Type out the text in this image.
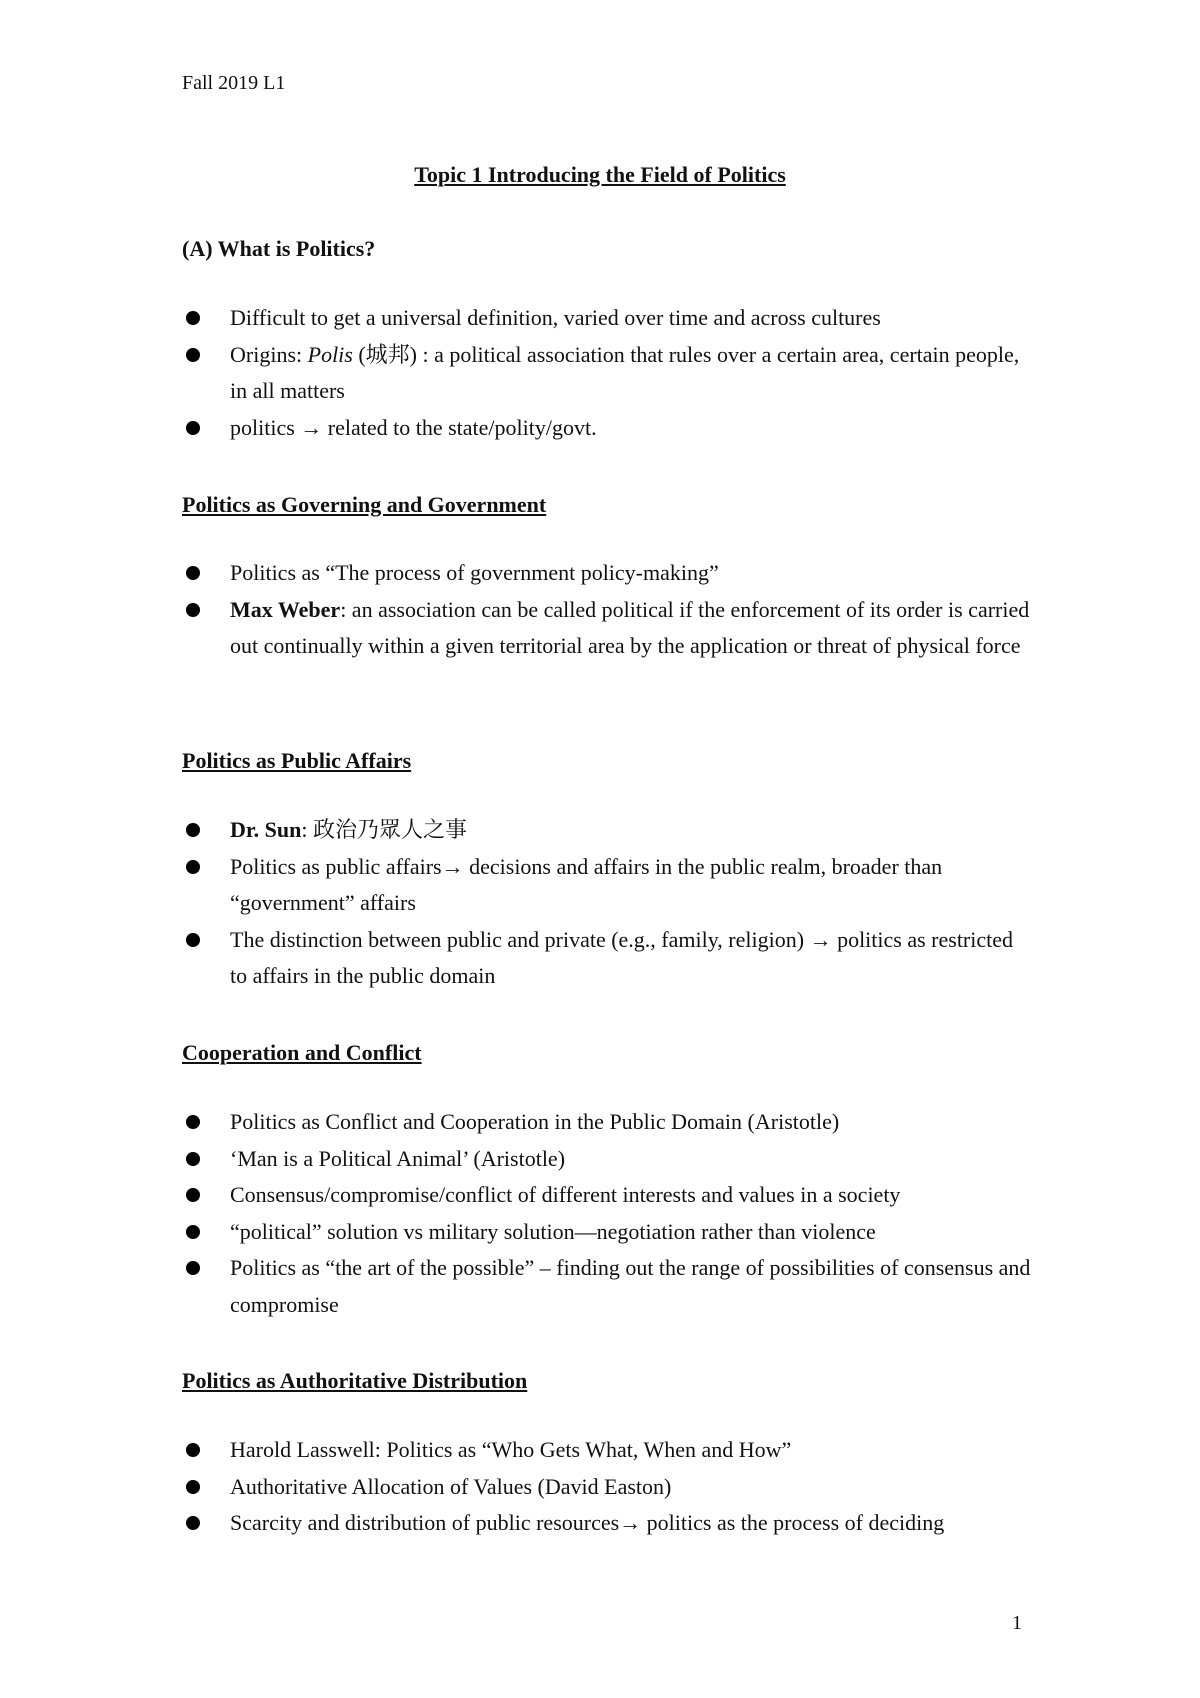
Fall 2019 L1
Topic 1 Introducing the Field of Politics
(A) What is Politics?
Difficult to get a universal definition, varied over time and across cultures
Origins: Polis (城邦) : a political association that rules over a certain area, certain people, in all matters
politics → related to the state/polity/govt.
Politics as Governing and Government
Politics as “The process of government policy-making”
Max Weber: an association can be called political if the enforcement of its order is carried out continually within a given territorial area by the application or threat of physical force
Politics as Public Affairs
Dr. Sun: 政治乃眾人之事
Politics as public affairs→ decisions and affairs in the public realm, broader than “government” affairs
The distinction between public and private (e.g., family, religion) → politics as restricted to affairs in the public domain
Cooperation and Conflict
Politics as Conflict and Cooperation in the Public Domain (Aristotle)
‘Man is a Political Animal’ (Aristotle)
Consensus/compromise/conflict of different interests and values in a society
“political” solution vs military solution—negotiation rather than violence
Politics as “the art of the possible” – finding out the range of possibilities of consensus and compromise
Politics as Authoritative Distribution
Harold Lasswell: Politics as “Who Gets What, When and How”
Authoritative Allocation of Values (David Easton)
Scarcity and distribution of public resources→ politics as the process of deciding
1
